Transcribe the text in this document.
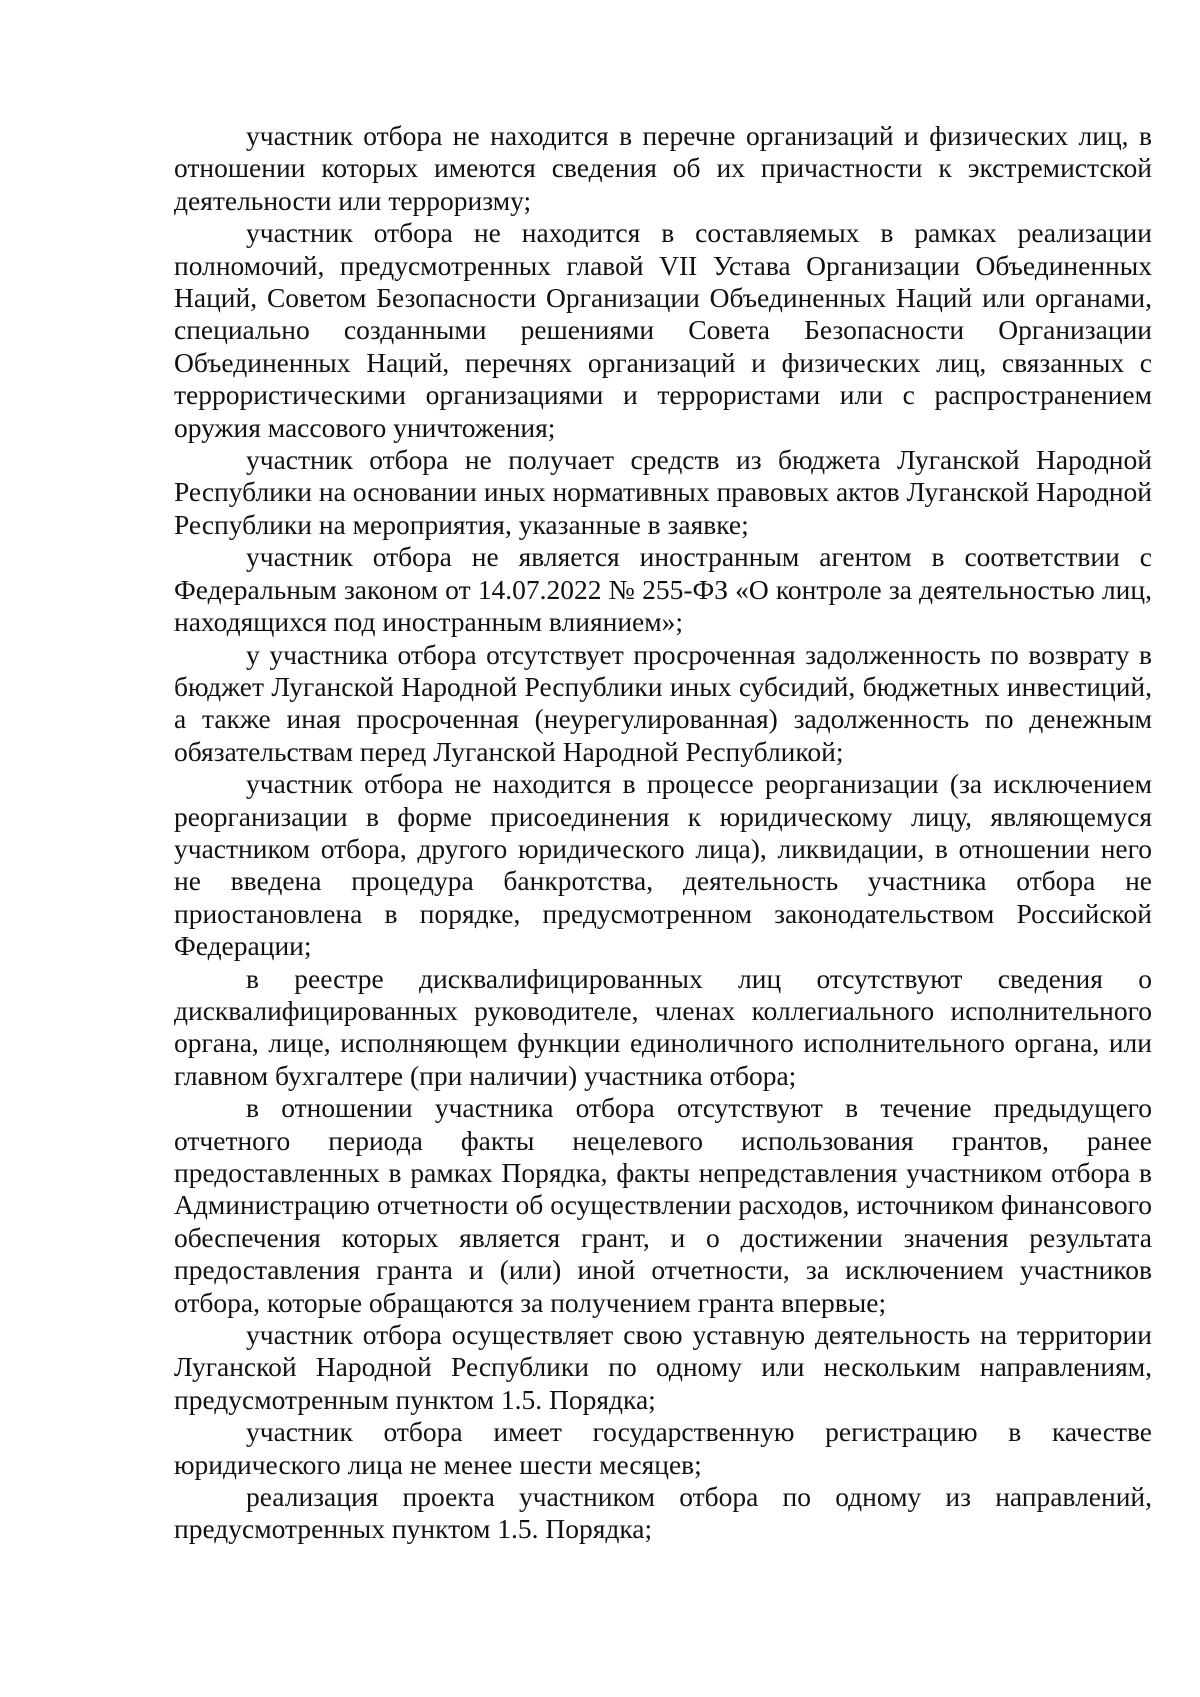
участник отбора не находится в перечне организаций и физических лиц, в отношении которых имеются сведения об их причастности к экстремистской деятельности или терроризму;

участник отбора не находится в составляемых в рамках реализации полномочий, предусмотренных главой VII Устава Организации Объединенных Наций, Советом Безопасности Организации Объединенных Наций или органами, специально созданными решениями Совета Безопасности Организации Объединенных Наций, перечнях организаций и физических лиц, связанных с террористическими организациями и террористами или с распространением оружия массового уничтожения;

участник отбора не получает средств из бюджета Луганской Народной Республики на основании иных нормативных правовых актов Луганской Народной Республики на мероприятия, указанные в заявке;

участник отбора не является иностранным агентом в соответствии с Федеральным законом от 14.07.2022 № 255-ФЗ «О контроле за деятельностью лиц, находящихся под иностранным влиянием»;

у участника отбора отсутствует просроченная задолженность по возврату в бюджет Луганской Народной Республики иных субсидий, бюджетных инвестиций, а также иная просроченная (неурегулированная) задолженность по денежным обязательствам перед Луганской Народной Республикой;

участник отбора не находится в процессе реорганизации (за исключением реорганизации в форме присоединения к юридическому лицу, являющемуся участником отбора, другого юридического лица), ликвидации, в отношении него не введена процедура банкротства, деятельность участника отбора не приостановлена в порядке, предусмотренном законодательством Российской Федерации;

в реестре дисквалифицированных лиц отсутствуют сведения о дисквалифицированных руководителе, членах коллегиального исполнительного органа, лице, исполняющем функции единоличного исполнительного органа, или главном бухгалтере (при наличии) участника отбора;

в отношении участника отбора отсутствуют в течение предыдущего отчетного периода факты нецелевого использования грантов, ранее предоставленных в рамках Порядка, факты непредставления участником отбора в Администрацию отчетности об осуществлении расходов, источником финансового обеспечения которых является грант, и о достижении значения результата предоставления гранта и (или) иной отчетности, за исключением участников отбора, которые обращаются за получением гранта впервые;

участник отбора осуществляет свою уставную деятельность на территории Луганской Народной Республики по одному или нескольким направлениям, предусмотренным пунктом 1.5. Порядка;

участник отбора имеет государственную регистрацию в качестве юридического лица не менее шести месяцев;

реализация проекта участником отбора по одному из направлений, предусмотренных пунктом 1.5. Порядка;
